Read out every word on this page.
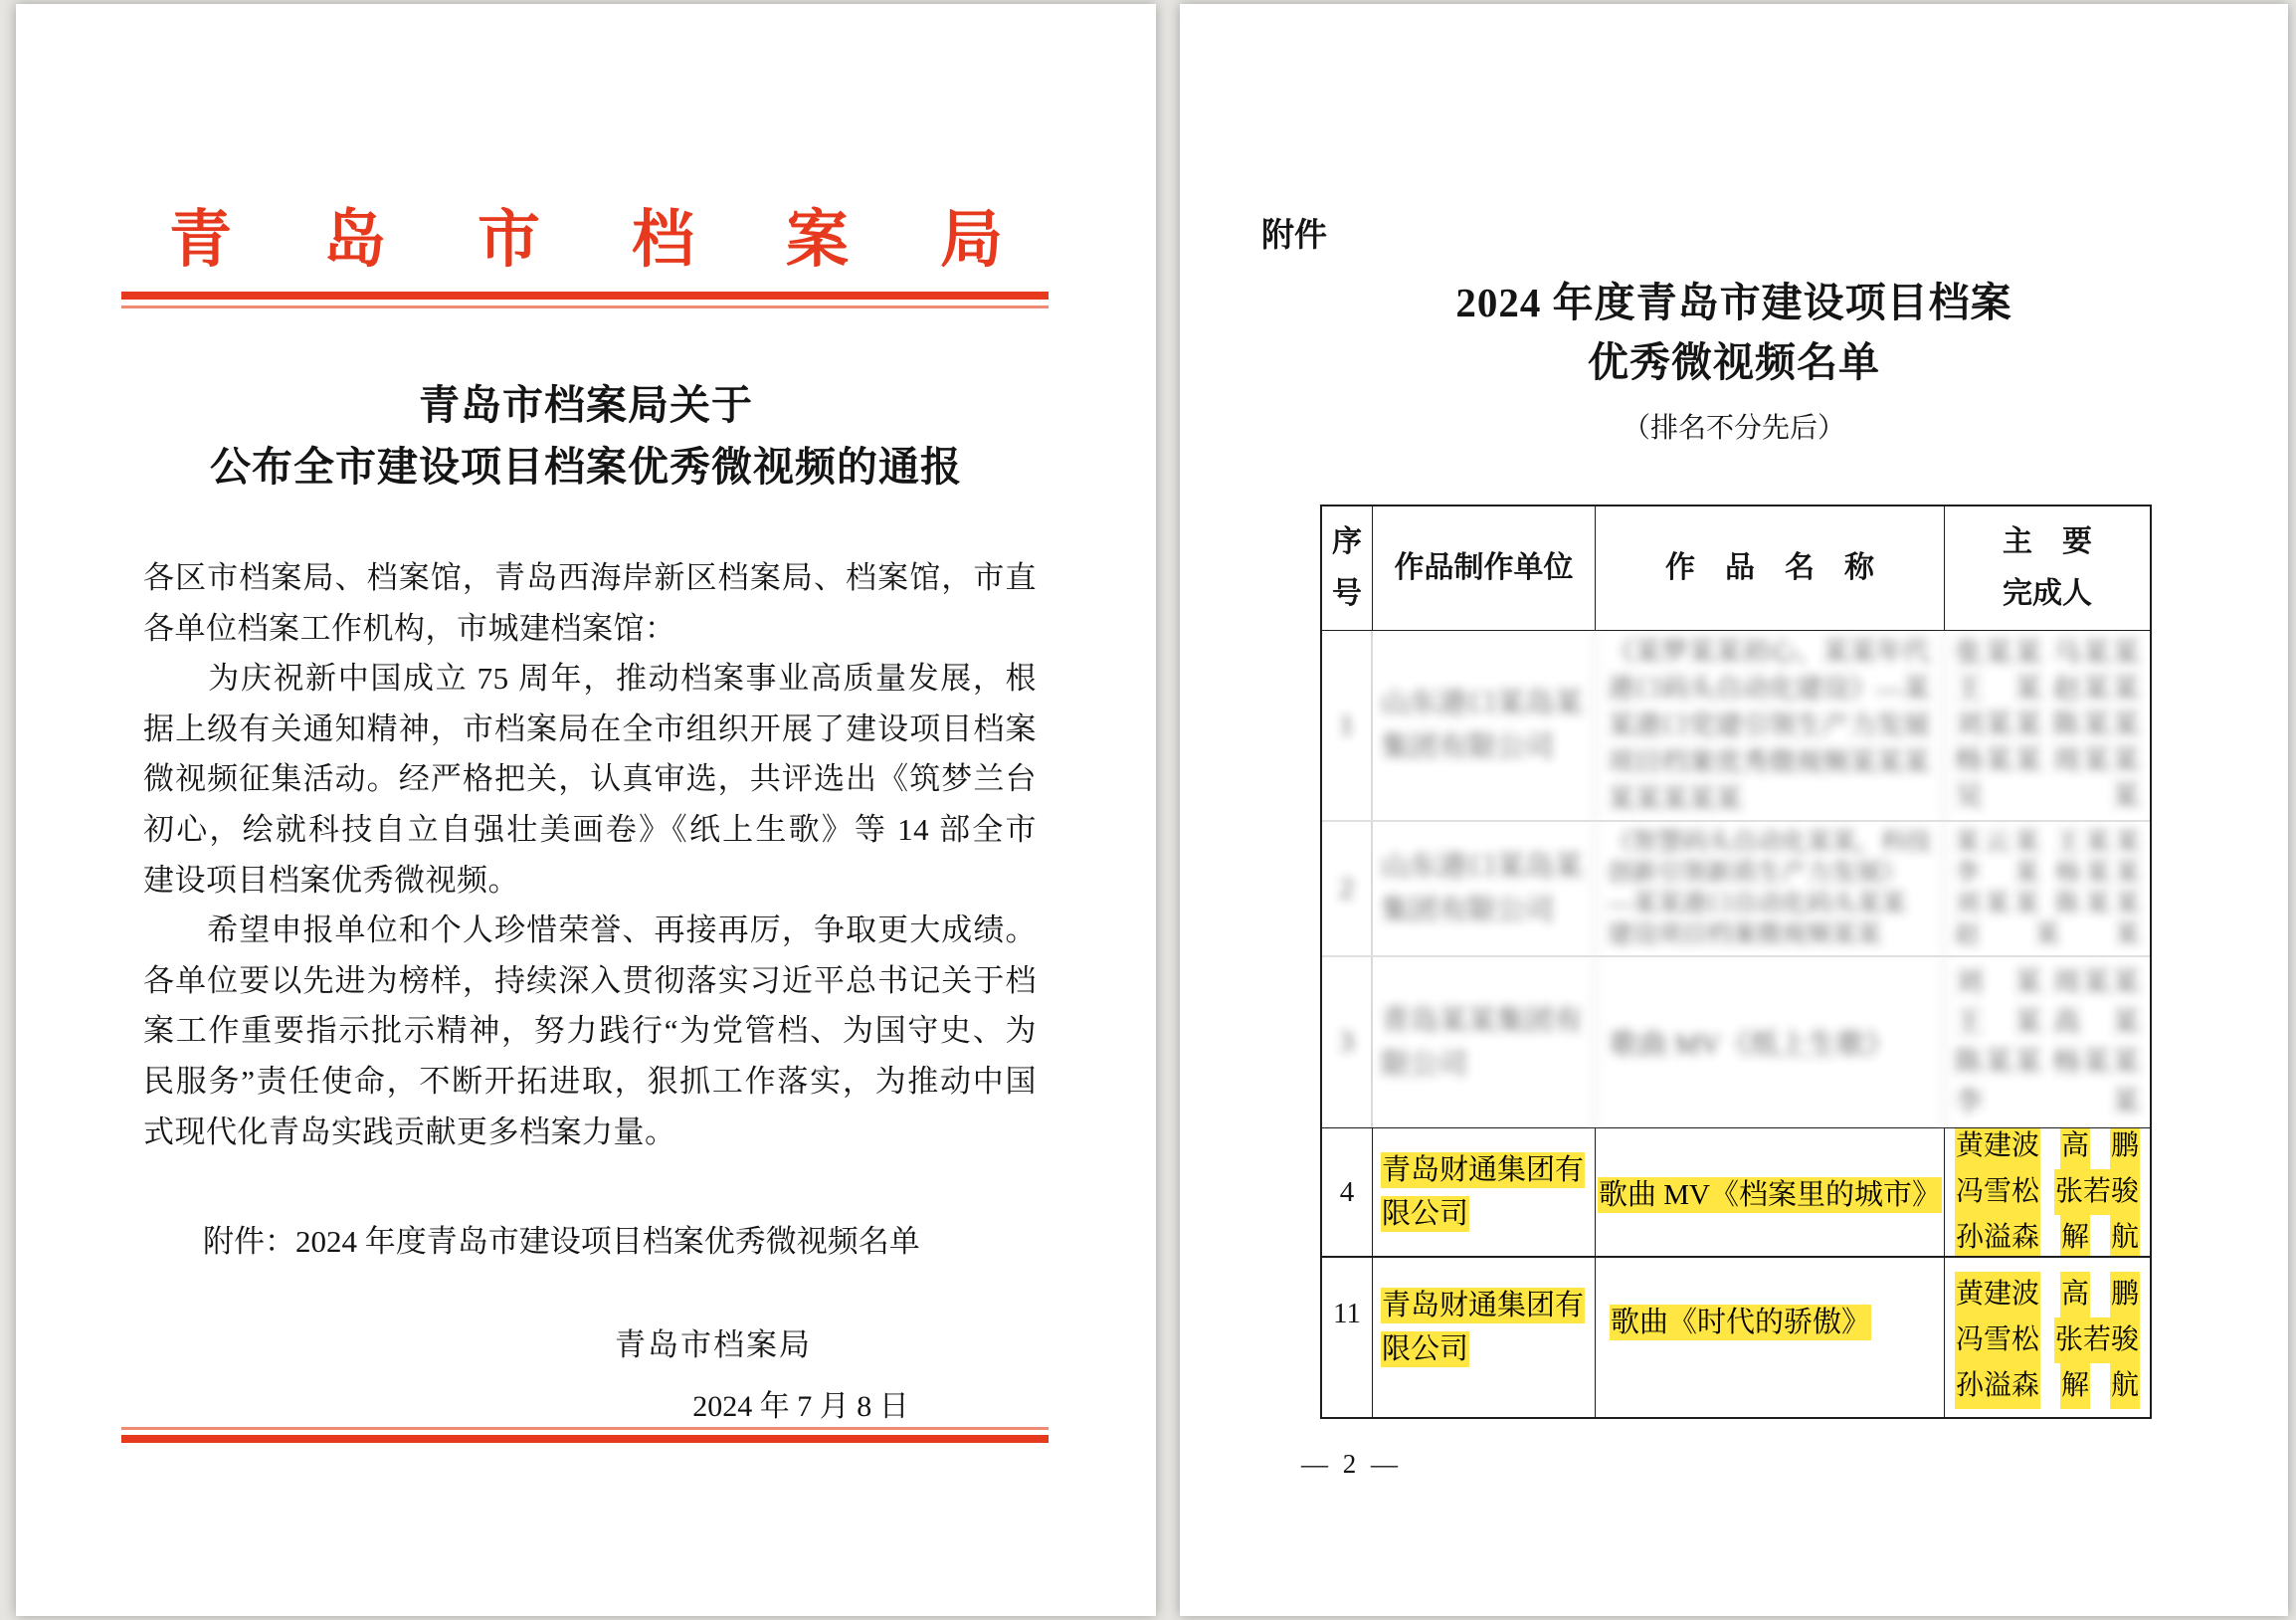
青岛市档案局
青岛市档案局关于
公布全市建设项目档案优秀微视频的通报
各区市档案局、档案馆，青岛西海岸新区档案局、档案馆，市直
各单位档案工作机构，市城建档案馆：
　　为庆祝新中国成立 75 周年，推动档案事业高质量发展，根
据上级有关通知精神，市档案局在全市组织开展了建设项目档案
微视频征集活动。经严格把关，认真审选，共评选出《筑梦兰台
初心，绘就科技自立自强壮美画卷》《纸上生歌》等 14 部全市
建设项目档案优秀微视频。
　　希望申报单位和个人珍惜荣誉、再接再厉，争取更大成绩。
各单位要以先进为榜样，持续深入贯彻落实习近平总书记关于档
案工作重要指示批示精神，努力践行“为党管档、为国守史、为
民服务”责任使命，不断开拓进取，狠抓工作落实，为推动中国
式现代化青岛实践贡献更多档案力量。
附件：2024 年度青岛市建设项目档案优秀微视频名单
青岛市档案局
2024 年 7 月 8 日
附件
2024 年度青岛市建设项目档案
优秀微视频名单
（排名不分先后）
序
号
作品制作单位	作　品　名　称
主　要
完成人
1
山东港口某岛某
集团有限公司
《某梦某某初心、某某年代
港口码头自动化建设》—某
某港口党建引领生产力发展
项目档案优秀微视频某某某
某某某某某
张某某 马某某
王　某 赵某某
刘某某 陈某某
杨某某 周某某
吴　某
2
山东港口某岛某
集团有限公司
《智慧码头自动化某某，科技
创新引领新质生产力发展》
—某某港口自动化码头某某
建设项目档案微视频某某
某云某 王某某
李　某 杨某某
刘某某 陈某某
赵某某
3
青岛某某集团有
限公司
歌曲 MV《纸上生歌》
刘　某 周某某
王　某 高　某
陈某某 杨某某
李　某
4
青岛财通集团有
限公司
歌曲 MV《档案里的城市》
黄建波 高 鹏
冯雪松 张若骏
孙溢森 解 航
11 青岛财通集团有
限公司
歌曲《时代的骄傲》
黄建波 高 鹏
冯雪松 张若骏
孙溢森 解 航
— 2 —
